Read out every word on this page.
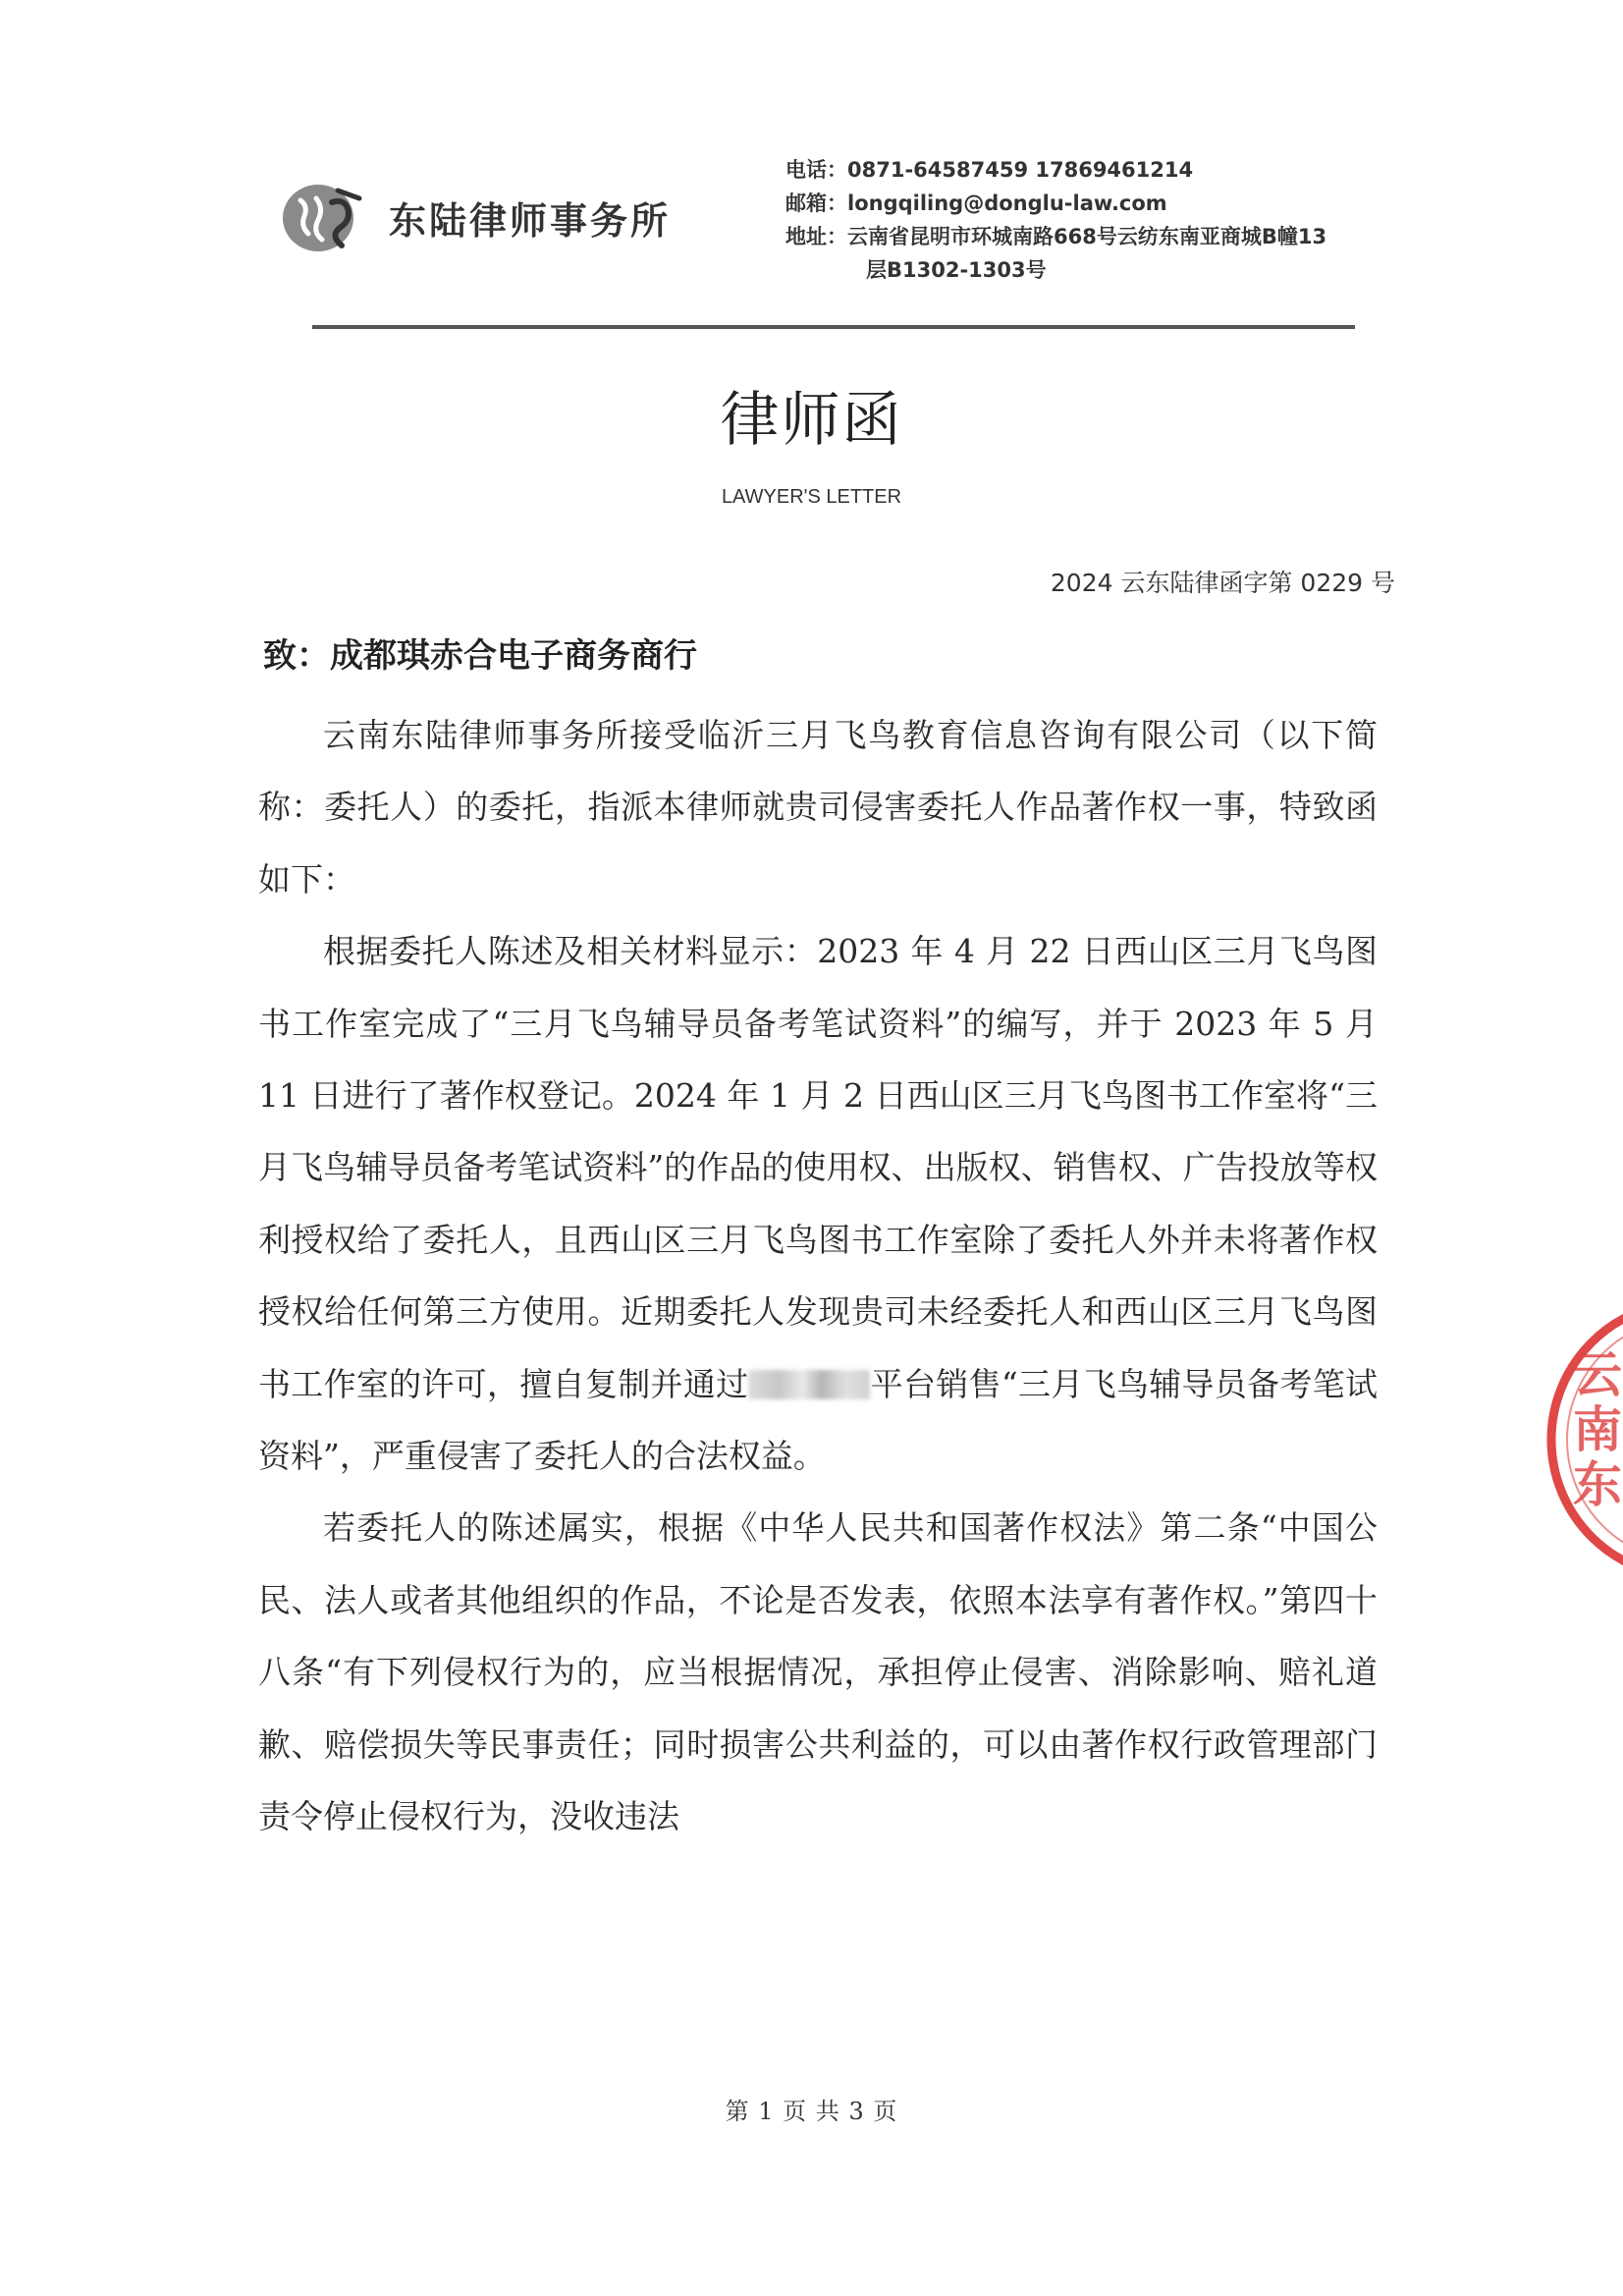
东陆律师事务所
电话：0871-64587459 17869461214
邮箱：longqiling@donglu-law.com
地址：云南省昆明市环城南路668号云纺东南亚商城B幢13
层B1302-1303号
律师函
LAWYER'S LETTER
2024 云东陆律函字第 0229 号
致：成都琪赤合电子商务商行

云南东陆律师事务所接受临沂三月飞鸟教育信息咨询有限公司（以下简称：委托人）的委托，指派本律师就贵司侵害委托人作品著作权一事，特致函如下：

根据委托人陈述及相关材料显示：2023 年 4 月 22 日西山区三月飞鸟图书工作室完成了“三月飞鸟辅导员备考笔试资料”的编写，并于 2023 年 5 月 11 日进行了著作权登记。2024 年 1 月 2 日西山区三月飞鸟图书工作室将“三月飞鸟辅导员备考笔试资料”的作品的使用权、出版权、销售权、广告投放等权利授权给了委托人，且西山区三月飞鸟图书工作室除了委托人外并未将著作权授权给任何第三方使用。近期委托人发现贵司未经委托人和西山区三月飞鸟图书工作室的许可，擅自复制并通过	平台销售“三月飞鸟辅导员备考笔试资料”，严重侵害了委托人的合法权益。

若委托人的陈述属实，根据《中华人民共和国著作权法》第二条“中国公民、法人或者其他组织的作品，不论是否发表，依照本法享有著作权。”第四十八条“有下列侵权行为的，应当根据情况，承担停止侵害、消除影响、赔礼道歉、赔偿损失等民事责任；同时损害公共利益的，可以由著作权行政管理部门责令停止侵权行为，没收违法

云南东
第 1 页 共 3 页
